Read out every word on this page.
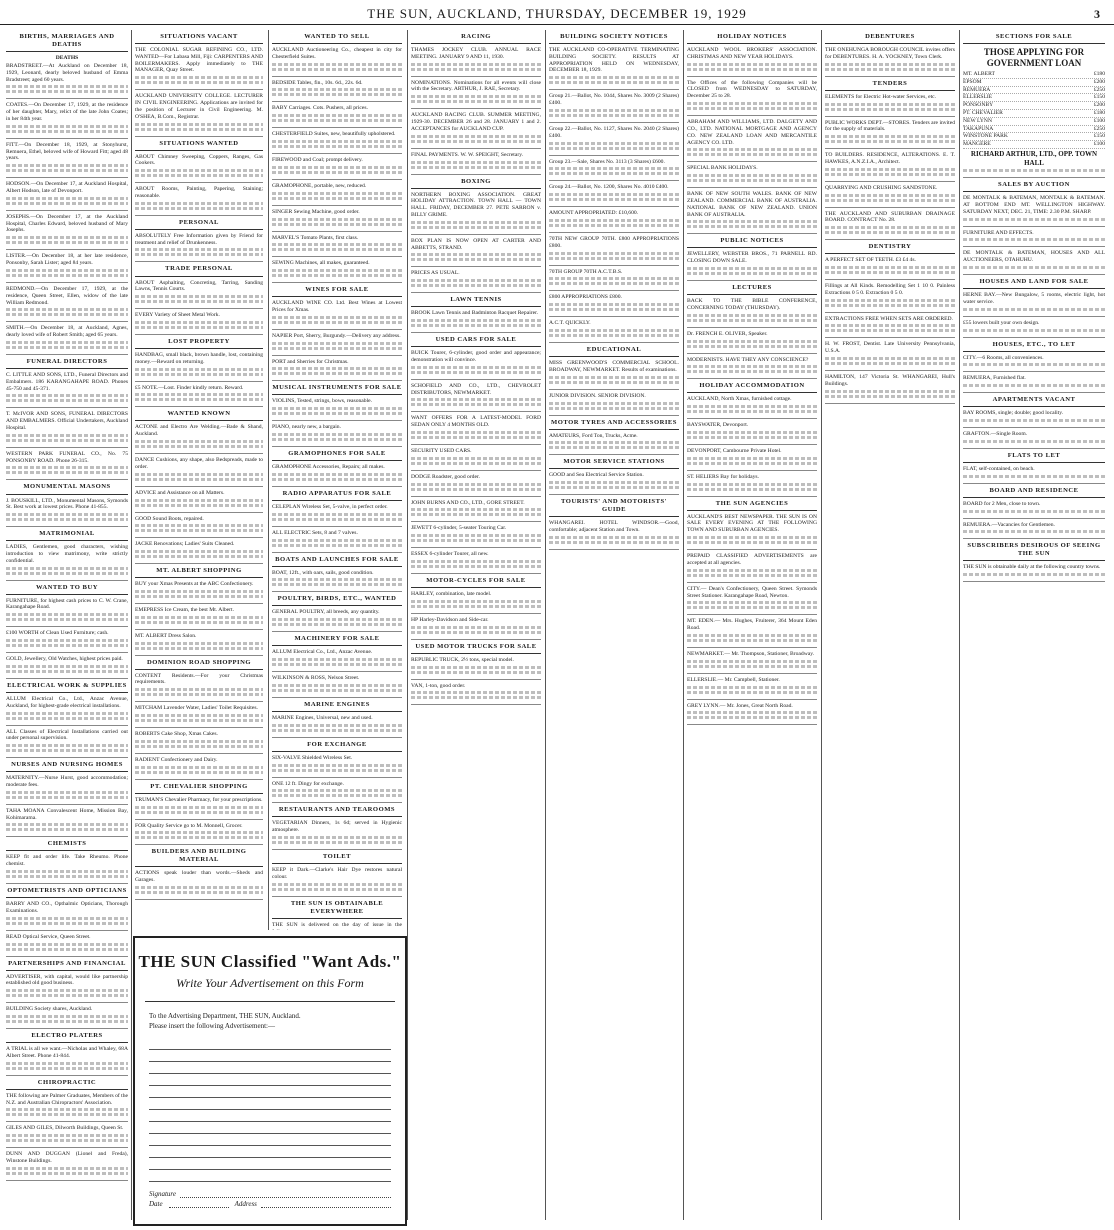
THE SUN, AUCKLAND, THURSDAY, DECEMBER 19, 1929	3
BIRTHS, MARRIAGES AND DEATHS
DEATHS

BRADSTREET.—At Auckland on December 18, 1929, Leonard, dearly beloved husband of Emma Bradstreet; aged 60 years.

COATES.—On December 17, 1929, at the residence of her daughter, Mary, relict of the late John Coates; in her 84th year.

FITT.—On December 18, 1929, at Stonyhurst, Remuera, Ethel, beloved wife of Howard Fitt; aged 48 years.

HODSON.—On December 17, at Auckland Hospital, Albert Hodson, late of Devonport.

JOSEPHS.—On December 17, at the Auckland Hospital, Charles Edward, beloved husband of Mary Josephs.

LISTER.—On December 18, at her late residence, Ponsonby, Sarah Lister; aged 84 years.

REDMOND.—On December 17, 1929, at the residence, Queen Street, Ellen, widow of the late William Redmond.

SMITH.—On December 18, at Auckland, Agnes, dearly loved wife of Robert Smith; aged 65 years.

FUNERAL DIRECTORS

C. LITTLE AND SONS, LTD., Funeral Directors and Embalmers. 186 KARANGAHAPE ROAD. Phones 45-750 and 45-371.

T. McIVOR AND SONS, FUNERAL DIRECTORS AND EMBALMERS. Official Undertakers, Auckland Hospital.

WESTERN PARK FUNERAL CO., No. 75 PONSONBY ROAD. Phone 26-315.

MONUMENTAL MASONS

J. BOUSKILL, LTD., Monumental Masons, Symonds St. Best work at lowest prices. Phone 41-855.

MATRIMONIAL

LADIES, Gentlemen, good characters, wishing introduction to view matrimony, write strictly confidential.

WANTED TO BUY

FURNITURE, for highest cash prices to C. W. Crane, Karangahape Road.

£100 WORTH of Clean Used Furniture; cash.

GOLD, Jewellery, Old Watches, highest prices paid.

ELECTRICAL WORK & SUPPLIES

ALLUM Electrical Co., Ltd., Anzac Avenue, Auckland, for highest-grade electrical installations.

ALL Classes of Electrical Installations carried out under personal supervision.

NURSES AND NURSING HOMES

MATERNITY.—Nurse Hurst, good accommodation; moderate fees.

TAHA MOANA Convalescent Home, Mission Bay, Kohimarama.

CHEMISTS

KEEP fit and order life. Take Rheumo. Phone chemist.

OPTOMETRISTS AND OPTICIANS

BARRY AND CO., Opthalmic Opticians, Thorough Examinations.

READ Optical Service, Queen Street.

PARTNERSHIPS AND FINANCIAL

ADVERTISER, with capital, would like partnership established old good business.

BUILDING Society shares, Auckland.

ELECTRO PLATERS

A TRIAL is all we want.—Nicholas and Whaley, 68A Albert Street. Phone 41-844.

CHIROPRACTIC

THE following are Palmer Graduates, Members of the N.Z. and Australian Chiropractors' Association.

GILES AND GILES, Dilworth Buildings, Queen St.

DUNN AND DUGGAN (Lionel and Freda), Winstone Buildings.

SITUATIONS VACANT

THE COLONIAL SUGAR REFINING CO., LTD. WANTED—For Labasa Mill, Fiji: CARPENTERS AND BOILERMAKERS. Apply immediately to THE MANAGER, Quay Street.

AUCKLAND UNIVERSITY COLLEGE. LECTURER IN CIVIL ENGINEERING. Applications are invited for the position of Lecturer in Civil Engineering. M. O'SHEA, B.Com., Registrar.

SITUATIONS WANTED

ABOUT Chimney Sweeping, Coppers, Ranges, Gas Cookers.

ABOUT Rooms, Painting, Papering, Staining; reasonable.

PERSONAL

ABSOLUTELY Free Information given by Friend for treatment and relief of Drunkenness.

TRADE PERSONAL

ABOUT Asphalting, Concreting, Tarring, Sanding Lawns, Tennis Courts.

EVERY Variety of Sheet Metal Work.

LOST PROPERTY

HANDBAG, small black, brown handle, lost, containing money.—Reward on returning.

£5 NOTE.—Lost. Finder kindly return. Reward.

WANTED KNOWN

ACTONE and Electro Are Welding.—Bade & Shand, Auckland.

DANCE Cushions, any shape, also Bedspreads, made to order.

ADVICE and Assistance on all Matters.

GOOD Sound Boots, repaired.

JACKE Renovations; Ladies' Suits Cleaned.

MT. ALBERT SHOPPING

BUY your Xmas Presents at the ABC Confectionery.

EMEPRESS Ice Cream, the best Mt. Albert.

MT. ALBERT Dress Salon.

DOMINION ROAD SHOPPING

CONTENT Residents.—For your Christmas requirements.

MITCHAM Lavender Water, Ladies' Toilet Requisites.

ROBERTS Cake Shop, Xmas Cakes.

RADIENT Confectionery and Dairy.

PT. CHEVALIER SHOPPING

TRUMAN'S Chevalier Pharmacy, for your prescriptions.

FOR Quality Service go to M. Monnell, Grocer.

BUILDERS AND BUILDING MATERIAL

ACTIONS speak louder than words.—Sheds and Garages.

WANTED TO SELL

AUCKLAND Auctioneering Co., cheapest in city for Chesterfield Suites.

BEDSIDE Tables, fin., 10s. 6d., 22s. 6d.

BABY Carriages. Cots. Pushers, all prices.

CHESTERFIELD Suites, new, beautifully upholstered.

FIREWOOD and Coal; prompt delivery.

GRAMOPHONE, portable, new, reduced.

SINGER Sewing Machine, good order.

MARVEL'S Tomato Plants, first class.

SEWING Machines, all makes, guaranteed.

WINES FOR SALE

AUCKLAND WINE CO. Ltd. Best Wines at Lowest Prices for Xmas.

NAPIER Port, Sherry, Burgundy.—Delivery any address.

PORT and Sherries for Christmas.

MUSICAL INSTRUMENTS FOR SALE

VIOLINS, Tested, strings, bows, reasonable.

PIANO, nearly new, a bargain.

GRAMOPHONES FOR SALE

GRAMOPHONE Accessories, Repairs; all makes.

RADIO APPARATUS FOR SALE

CELEPLAN Wireless Set, 5-valve, in perfect order.

ALL ELECTRIC Sets, 8 and 7 valves.

BOATS AND LAUNCHES FOR SALE

BOAT, 12ft., with oars, sails, good condition.

POULTRY, BIRDS, ETC., WANTED

GENERAL POULTRY, all breeds, any quantity.

MACHINERY FOR SALE

ALLUM Electrical Co., Ltd., Anzac Avenue.

WILKINSON & ROSS, Nelson Street.

MARINE ENGINES

MARINE Engines, Universal, new and used.

FOR EXCHANGE

SIX-VALVE Shielded Wireless Set.

ONE 12 ft. Dingy for exchange.

RESTAURANTS AND TEAROOMS

VEGETARIAN Dinners, 1s 6d; served in Hygienic atmosphere.

TOILET

KEEP it Dark.—Clarke's Hair Dye restores natural colour.

THE SUN IS OBTAINABLE EVERYWHERE

THE SUN is delivered on the day of issue in the

RACING

THAMES JOCKEY CLUB. ANNUAL RACE MEETING. JANUARY 9 AND 11, 1930.

NOMINATIONS. Nominations for all events will close with the Secretary. ARTHUR, J. RAE, Secretary.

AUCKLAND RACING CLUB. SUMMER MEETING, 1929-30. DECEMBER 26 and 28. JANUARY 1 and 2. ACCEPTANCES for AUCKLAND CUP.

FINAL PAYMENTS. W. W. SPEIGHT, Secretary.

BOXING

NORTHERN BOXING ASSOCIATION. GREAT HOLIDAY ATTRACTION. TOWN HALL — TOWN HALL. FRIDAY, DECEMBER 27. PETE SARRON v. BILLY GRIME.

BOX PLAN IS NOW OPEN AT CARTER AND ABBETTS, STRAND.

PRICES AS USUAL.

LAWN TENNIS

BROOK Lawn Tennis and Badminton Racquet Repairer.

USED CARS FOR SALE

BUICK Tourer, 6-cylinder, good order and appearance; demonstration will convince.

SCHOFIELD AND CO., LTD., CHEVROLET DISTRIBUTORS, NEWMARKET.

WANT OFFERS FOR A LATEST-MODEL FORD SEDAN ONLY 4 MONTHS OLD.

SECURITY USED CARS.

DODGE Roadster, good order.

JOHN BURNS AND CO., LTD., GORE STREET.

JEWETT 6-cylinder, 5-seater Touring Car.

ESSEX 6-cylinder Tourer, all new.

MOTOR-CYCLES FOR SALE

HARLEY, combination, late model.

HP Harley-Davidson and Side-car.

USED MOTOR TRUCKS FOR SALE

REPUBLIC TRUCK, 2½ tons, special model.

VAN, 1-ton, good order.

BUILDING SOCIETY NOTICES

THE AUCKLAND CO-OPERATIVE TERMINATING BUILDING SOCIETY. RESULTS AT APPROPRIATION HELD ON WEDNESDAY, DECEMBER 18, 1929.

Group 21.—Ballot, No. 1044, Shares No. 3009 (2 Shares) £400.

Group 22.—Ballot, No. 1127, Shares No. 2040 (2 Shares) £400.

Group 23.—Sale, Shares No. 3113 (3 Shares) £600.

Group 24.—Ballot, No. 1200, Shares No. 4010 £400.

AMOUNT APPROPRIATED: £10,600.

70TH NEW GROUP 70TH. £800 APPROPRIATIONS £800.

70TH GROUP 70TH A.C.T.B.S.

£800 APPROPRIATIONS £800.

A.C.T. QUICKLY.

EDUCATIONAL

MISS GREENWOOD'S COMMERCIAL SCHOOL. BROADWAY, NEWMARKET. Results of examinations.

JUNIOR DIVISION. SENIOR DIVISION.

MOTOR TYRES AND ACCESSORIES

AMATEURS, Ford Ton, Trucks, Acme.

MOTOR SERVICE STATIONS

GOOD and Sea Electrical Service Station.

TOURISTS' AND MOTORISTS' GUIDE

WHANGAREI. HOTEL WINDSOR.—Good, comfortable; adjacent Station and Town.

HOLIDAY NOTICES

AUCKLAND WOOL BROKERS' ASSOCIATION. CHRISTMAS AND NEW YEAR HOLIDAYS.

The Offices of the following Companies will be CLOSED from WEDNESDAY to SATURDAY, December 25 to 28.

ABRAHAM AND WILLIAMS, LTD. DALGETY AND CO., LTD. NATIONAL MORTGAGE AND AGENCY CO. NEW ZEALAND LOAN AND MERCANTILE AGENCY CO. LTD.

SPECIAL BANK HOLIDAYS.

BANK OF NEW SOUTH WALES. BANK OF NEW ZEALAND. COMMERCIAL BANK OF AUSTRALIA. NATIONAL BANK OF NEW ZEALAND. UNION BANK OF AUSTRALIA.

PUBLIC NOTICES

JEWELLERY, WEBSTER BROS., 71 PARNELL RD. CLOSING DOWN SALE.

LECTURES

BACK TO THE BIBLE CONFERENCE, CONCERNING TODAY (THURSDAY).

Dr. FRENCH E. OLIVER, Speaker.

MODERNISTS. HAVE THEY ANY CONSCIENCE?

HOLIDAY ACCOMMODATION

AUCKLAND, North Xmas, furnished cottage.

BAYSWATER, Devonport.

DEVONPORT, Cambourne Private Hotel.

ST. HELIERS Bay for holidays.

THE SUN AGENCIES

AUCKLAND'S BEST NEWSPAPER. THE SUN IS ON SALE EVERY EVENING AT THE FOLLOWING TOWN AND SUBURBAN AGENCIES.

PREPAID CLASSIFIED ADVERTISEMENTS are accepted at all agencies.

CITY.— Dean's Confectionery, Queen Street. Symonds Street Stationer. Karangahape Road, Newton.

MT. EDEN.— Mrs. Hughes, Fruiterer, 364 Mount Eden Road.

NEWMARKET.— Mr. Thompson, Stationer, Broadway.

ELLERSLIE.— Mr. Campbell, Stationer.

GREY LYNN.— Mr. Jones, Great North Road.

DEBENTURES

THE ONEHUNGA BOROUGH COUNCIL invites offers for DEBENTURES. H. A. YOCKNEY, Town Clerk.

TENDERS

ELEMENTS for Electric Hot-water Services, etc.

PUBLIC WORKS DEPT.—STORES. Tenders are invited for the supply of materials.

TO BUILDERS. RESIDENCE, ALTERATIONS. E. T. HAWKES, A.N.Z.I.A., Architect.

QUARRYING AND CRUSHING SANDSTONE.

THE AUCKLAND AND SUBURBAN DRAINAGE BOARD. CONTRACT No. 28.

DENTISTRY

A PERFECT SET OF TEETH. £3 £4 4s.

Fillings at All Kinds. Remodelling Set 1 10 0. Painless Extractions 0 5 0. Extraction 0 5 0.

EXTRACTIONS FREE WHEN SETS ARE ORDERED.

H. W. FROST, Dentist. Late University Pennsylvania, U.S.A.

HAMILTON, 147 Victoria St. WHANGAREI, Hull's Buildings.

SECTIONS FOR SALE
THOSE APPLYING FOR GOVERNMENT LOAN
MT. ALBERT	£180
EPSOM	£200
REMUERA	£250
ELLERSLIE	£150
PONSONBY	£200
PT. CHEVALIER	£180
NEW LYNN	£100
TAKAPUNA	£250
WINSTONE PARK	£150
MANGERE	£100

RICHARD ARTHUR, LTD., OPP. TOWN HALL

SALES BY AUCTION

DE MONTALK & BATEMAN, MONTALK & BATEMAN. AT BOTTOM END MT. WELLINGTON HIGHWAY. SATURDAY NEXT, DEC. 21, TIME: 2.30 P.M. SHARP.

FURNITURE AND EFFECTS.

DE MONTALK & BATEMAN, HOUSES AND ALL AUCTIONEERS, OTAHUHU.

HOUSES AND LAND FOR SALE

HERNE BAY.—New Bungalow, 5 rooms, electric light, hot water service.

£55 lowers built your own design.

HOUSES, ETC., TO LET

CITY.—6 Rooms, all conveniences.

REMUERA, Furnished flat.

APARTMENTS VACANT

BAY ROOMS, single; double; good locality.

GRAFTON.—Single Room.

FLATS TO LET

FLAT, self-contained, on beach.

BOARD AND RESIDENCE

BOARD for 2 Men, close to town.

REMUERA.—Vacancies for Gentlemen.

SUBSCRIBERS DESIROUS OF SEEING THE SUN

THE SUN is obtainable daily at the following country towns.

THE SUN Classified "Want Ads."
Write Your Advertisement on this Form
To the Advertising Department, THE SUN, Auckland.
Please insert the following Advertisement:—
Signature
Date	Address
